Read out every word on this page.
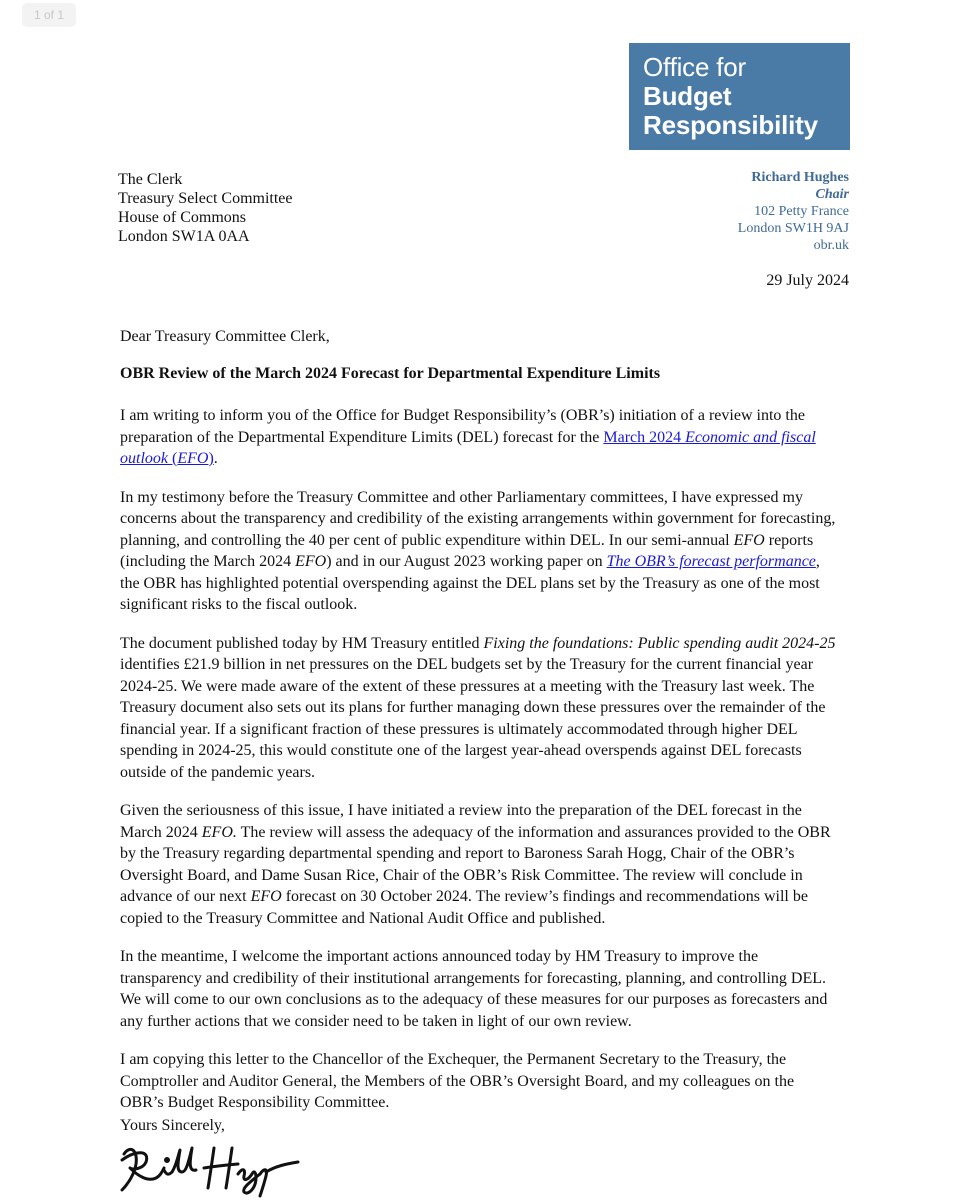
1 of 1
Office for
Budget
Responsibility
The Clerk
Treasury Select Committee
House of Commons
London SW1A 0AA
Richard Hughes
Chair
102 Petty France
London SW1H 9AJ
obr.uk
29 July 2024
Dear Treasury Committee Clerk,
OBR Review of the March 2024 Forecast for Departmental Expenditure Limits

I am writing to inform you of the Office for Budget Responsibility’s (OBR’s) initiation of a review into the preparation of the Departmental Expenditure Limits (DEL) forecast for the March 2024 Economic and fiscal outlook (EFO).

In my testimony before the Treasury Committee and other Parliamentary committees, I have expressed my concerns about the transparency and credibility of the existing arrangements within government for forecasting, planning, and controlling the 40 per cent of public expenditure within DEL. In our semi-annual EFO reports (including the March 2024 EFO) and in our August 2023 working paper on The OBR’s forecast performance, the OBR has highlighted potential overspending against the DEL plans set by the Treasury as one of the most significant risks to the fiscal outlook.

The document published today by HM Treasury entitled Fixing the foundations: Public spending audit 2024-25 identifies £21.9 billion in net pressures on the DEL budgets set by the Treasury for the current financial year 2024-25. We were made aware of the extent of these pressures at a meeting with the Treasury last week. The Treasury document also sets out its plans for further managing down these pressures over the remainder of the financial year. If a significant fraction of these pressures is ultimately accommodated through higher DEL spending in 2024-25, this would constitute one of the largest year-ahead overspends against DEL forecasts outside of the pandemic years.

Given the seriousness of this issue, I have initiated a review into the preparation of the DEL forecast in the March 2024 EFO. The review will assess the adequacy of the information and assurances provided to the OBR by the Treasury regarding departmental spending and report to Baroness Sarah Hogg, Chair of the OBR’s Oversight Board, and Dame Susan Rice, Chair of the OBR’s Risk Committee. The review will conclude in advance of our next EFO forecast on 30 October 2024. The review’s findings and recommendations will be copied to the Treasury Committee and National Audit Office and published.

In the meantime, I welcome the important actions announced today by HM Treasury to improve the transparency and credibility of their institutional arrangements for forecasting, planning, and controlling DEL. We will come to our own conclusions as to the adequacy of these measures for our purposes as forecasters and any further actions that we consider need to be taken in light of our own review.

I am copying this letter to the Chancellor of the Exchequer, the Permanent Secretary to the Treasury, the Comptroller and Auditor General, the Members of the OBR’s Oversight Board, and my colleagues on the OBR’s Budget Responsibility Committee.

Yours Sincerely,
